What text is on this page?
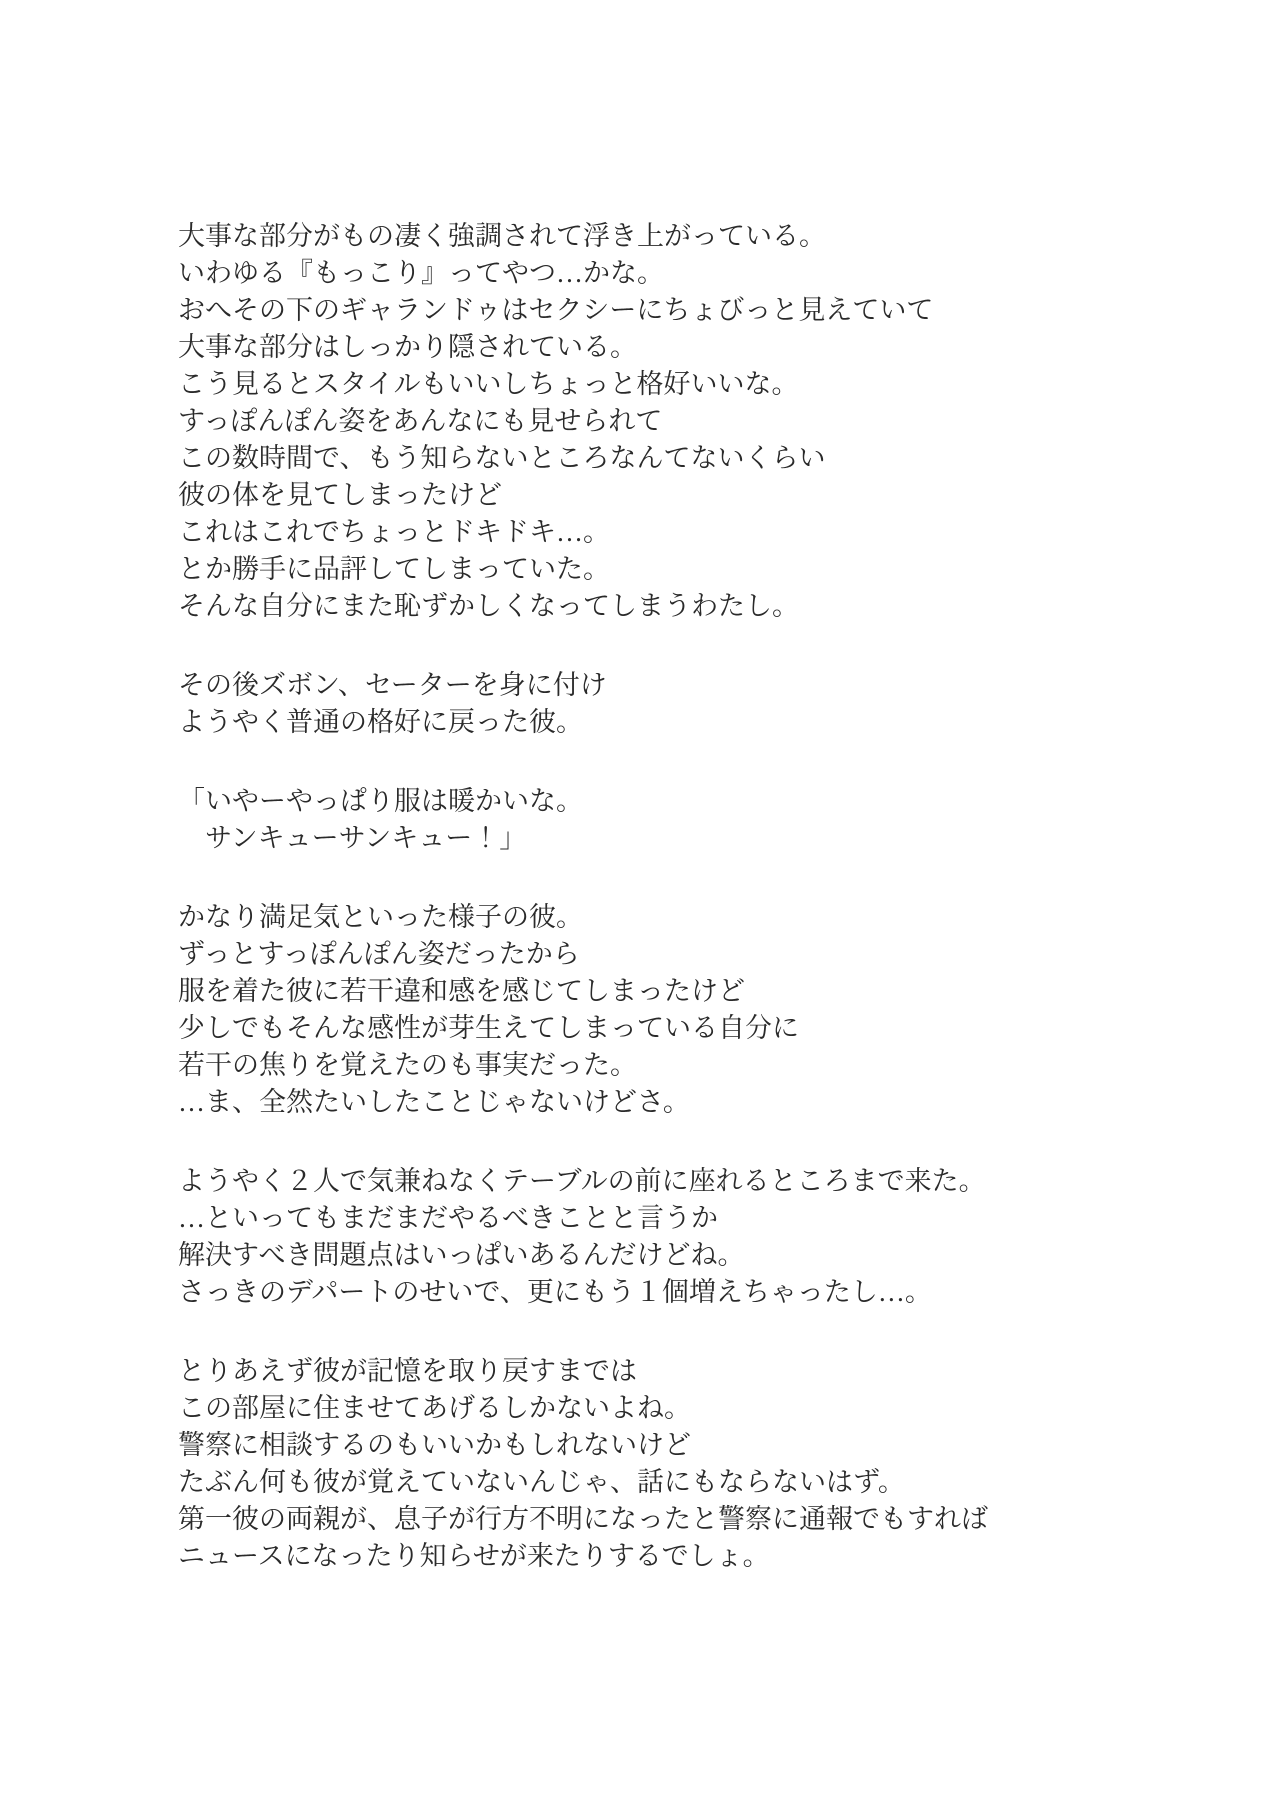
大事な部分がもの凄く強調されて浮き上がっている。
いわゆる『もっこり』ってやつ…かな。
おへその下のギャランドゥはセクシーにちょびっと見えていて
大事な部分はしっかり隠されている。
こう見るとスタイルもいいしちょっと格好いいな。
すっぽんぽん姿をあんなにも見せられて
この数時間で、もう知らないところなんてないくらい
彼の体を見てしまったけど
これはこれでちょっとドキドキ…。
とか勝手に品評してしまっていた。
そんな自分にまた恥ずかしくなってしまうわたし。

その後ズボン、セーターを身に付け
ようやく普通の格好に戻った彼。

「いやーやっぱり服は暖かいな。
　サンキューサンキュー！」

かなり満足気といった様子の彼。
ずっとすっぽんぽん姿だったから
服を着た彼に若干違和感を感じてしまったけど
少しでもそんな感性が芽生えてしまっている自分に
若干の焦りを覚えたのも事実だった。
…ま、全然たいしたことじゃないけどさ。

ようやく２人で気兼ねなくテーブルの前に座れるところまで来た。
…といってもまだまだやるべきことと言うか
解決すべき問題点はいっぱいあるんだけどね。
さっきのデパートのせいで、更にもう１個増えちゃったし…。

とりあえず彼が記憶を取り戻すまでは
この部屋に住ませてあげるしかないよね。
警察に相談するのもいいかもしれないけど
たぶん何も彼が覚えていないんじゃ、話にもならないはず。
第一彼の両親が、息子が行方不明になったと警察に通報でもすれば
ニュースになったり知らせが来たりするでしょ。
